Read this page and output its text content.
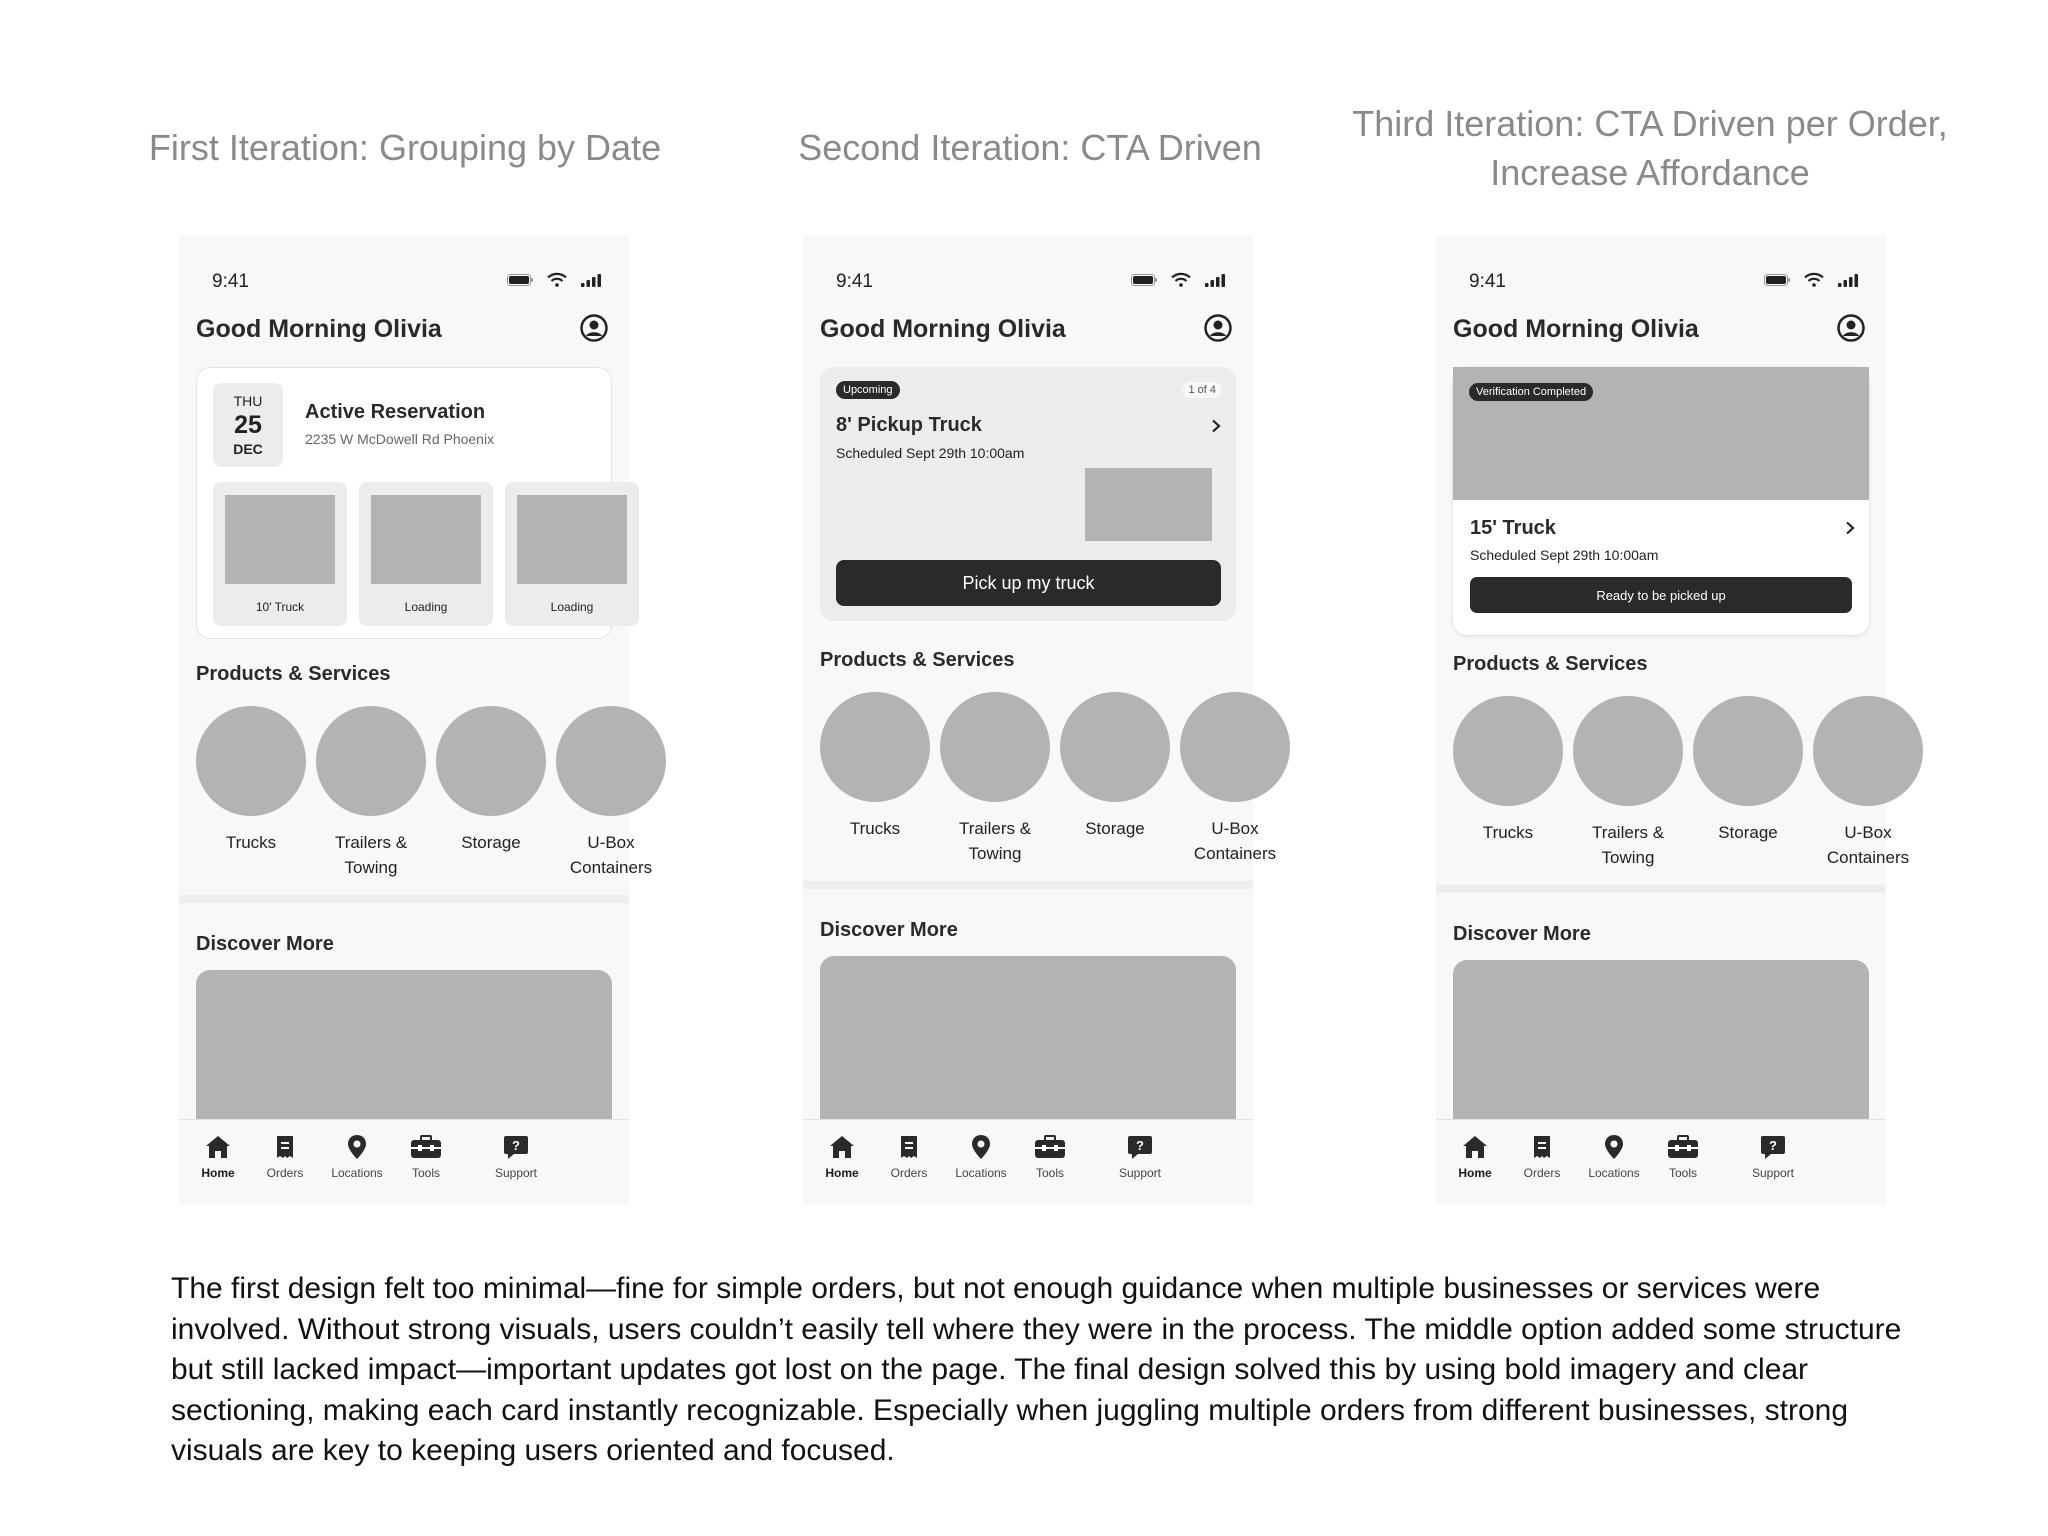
First Iteration: Grouping by Date	Second Iteration: CTA Driven
Third Iteration: CTA Driven per Order,
Increase Affordance
9:41
Good Morning Olivia
THU
25
DEC
Active Reservation
2235 W McDowell Rd Phoenix
10' Truck	Loading	Loading
Products & Services
Trucks	Trailers &
Towing
Storage	U-Box
Containers
Discover More
Home	Orders	Locations	Tools
?
Support
9:41
Good Morning Olivia
Upcoming	1 of 4
8' Pickup Truck
Scheduled Sept 29th 10:00am
Pick up my truck
Products & Services
Trucks	Trailers &
Towing
Storage	U-Box
Containers
Discover More
Home	Orders	Locations	Tools
?
Support
9:41
Good Morning Olivia
Verification Completed
15' Truck
Scheduled Sept 29th 10:00am
Ready to be picked up
Products & Services
Trucks	Trailers &
Towing
Storage	U-Box
Containers
Discover More
Home	Orders	Locations	Tools
?
Support
The first design felt too minimal—fine for simple orders, but not enough guidance when multiple businesses or services were involved. Without strong visuals, users couldn’t easily tell where they were in the process. The middle option added some structure but still lacked impact—important updates got lost on the page. The final design solved this by using bold imagery and clear sectioning, making each card instantly recognizable. Especially when juggling multiple orders from different businesses, strong visuals are key to keeping users oriented and focused.
